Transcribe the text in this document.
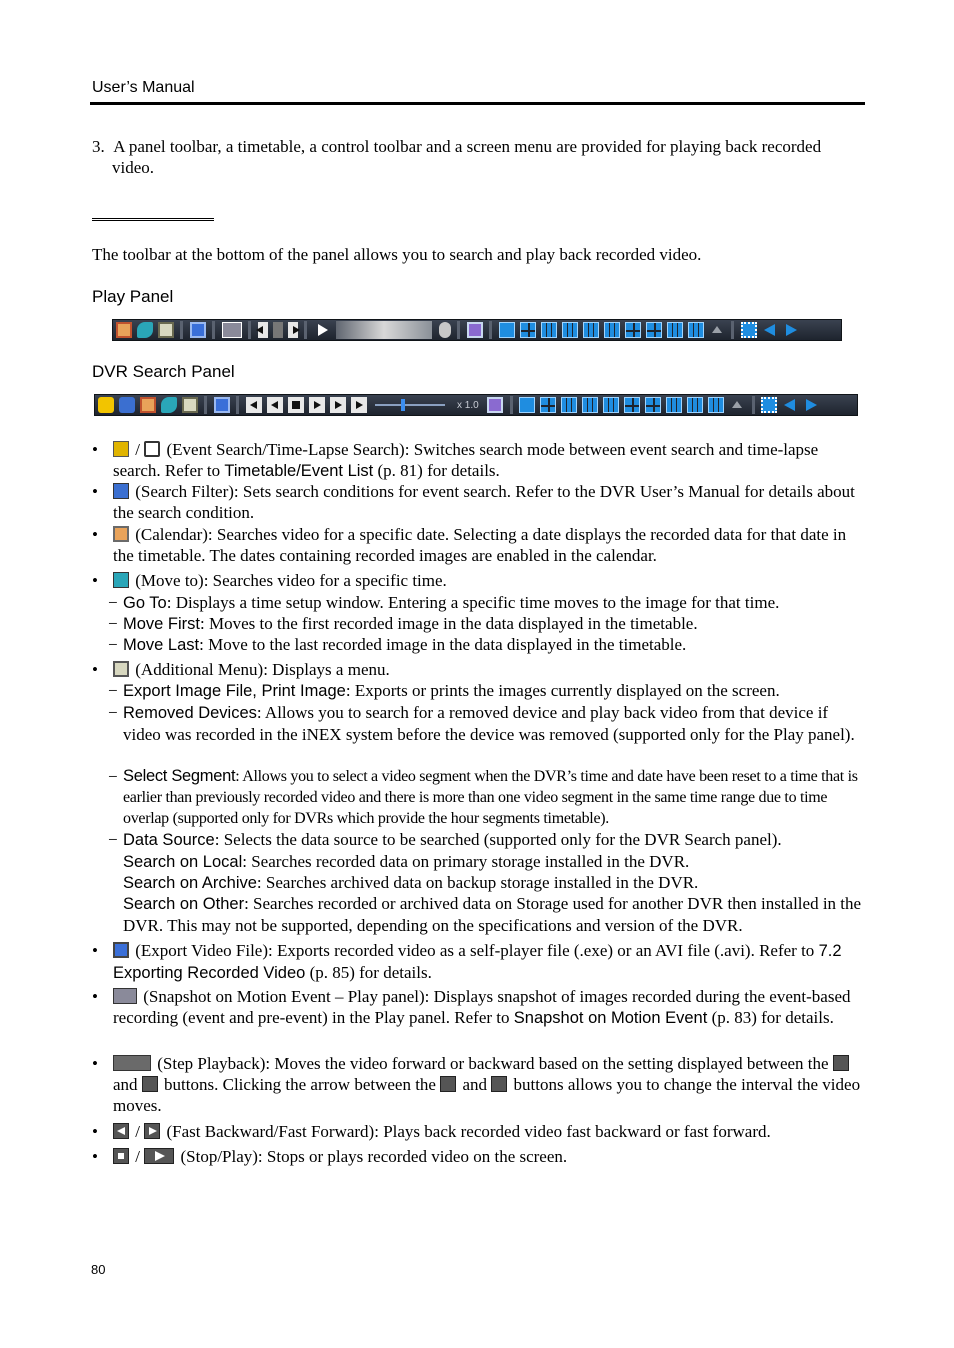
User’s Manual
3.  A panel toolbar, a timetable, a control toolbar and a screen menu are provided for playing back recorded video.
The toolbar at the bottom of the panel allows you to search and play back recorded video.
Play Panel
DVR Search Panel
x 1.0
•	/  (Event Search/Time-Lapse Search): Switches search mode between event search and time-lapse search. Refer to Timetable/Event List (p. 81) for details.
•	(Search Filter): Sets search conditions for event search. Refer to the DVR User’s Manual for details about the search condition.
•	(Calendar): Searches video for a specific date. Selecting a date displays the recorded data for that date in the timetable. The dates containing recorded images are enabled in the calendar.
•	(Move to): Searches video for a specific time.
− Go To: Displays a time setup window. Entering a specific time moves to the image for that time.
− Move First: Moves to the first recorded image in the data displayed in the timetable.
− Move Last: Move to the last recorded image in the data displayed in the timetable.
•	(Additional Menu): Displays a menu.
− Export Image File, Print Image: Exports or prints the images currently displayed on the screen.
− Removed Devices: Allows you to search for a removed device and play back video from that device if video was recorded in the iNEX system before the device was removed (supported only for the Play panel).
− Select Segment: Allows you to select a video segment when the DVR’s time and date have been reset to a time that is earlier than previously recorded video and there is more than one video segment in the same time range due to time overlap (supported only for DVRs which provide the hour segments timetable).
− Data Source: Selects the data source to be searched (supported only for the DVR Search panel).
Search on Local: Searches recorded data on primary storage installed in the DVR.
Search on Archive: Searches archived data on backup storage installed in the DVR.
Search on Other: Searches recorded or archived data on Storage used for another DVR then installed in the DVR. This may not be supported, depending on the specifications and version of the DVR.
•	(Export Video File): Exports recorded video as a self-player file (.exe) or an AVI file (.avi). Refer to 7.2 Exporting Recorded Video (p. 85) for details.
•	(Snapshot on Motion Event – Play panel): Displays snapshot of images recorded during the event-based recording (event and pre-event) in the Play panel. Refer to Snapshot on Motion Event (p. 83) for details.
•	(Step Playback): Moves the video forward or backward based on the setting displayed between the  and  buttons. Clicking the arrow between the  and  buttons allows you to change the interval the video moves.
•	/  (Fast Backward/Fast Forward): Plays back recorded video fast backward or fast forward.
•	/  (Stop/Play): Stops or plays recorded video on the screen.
80
